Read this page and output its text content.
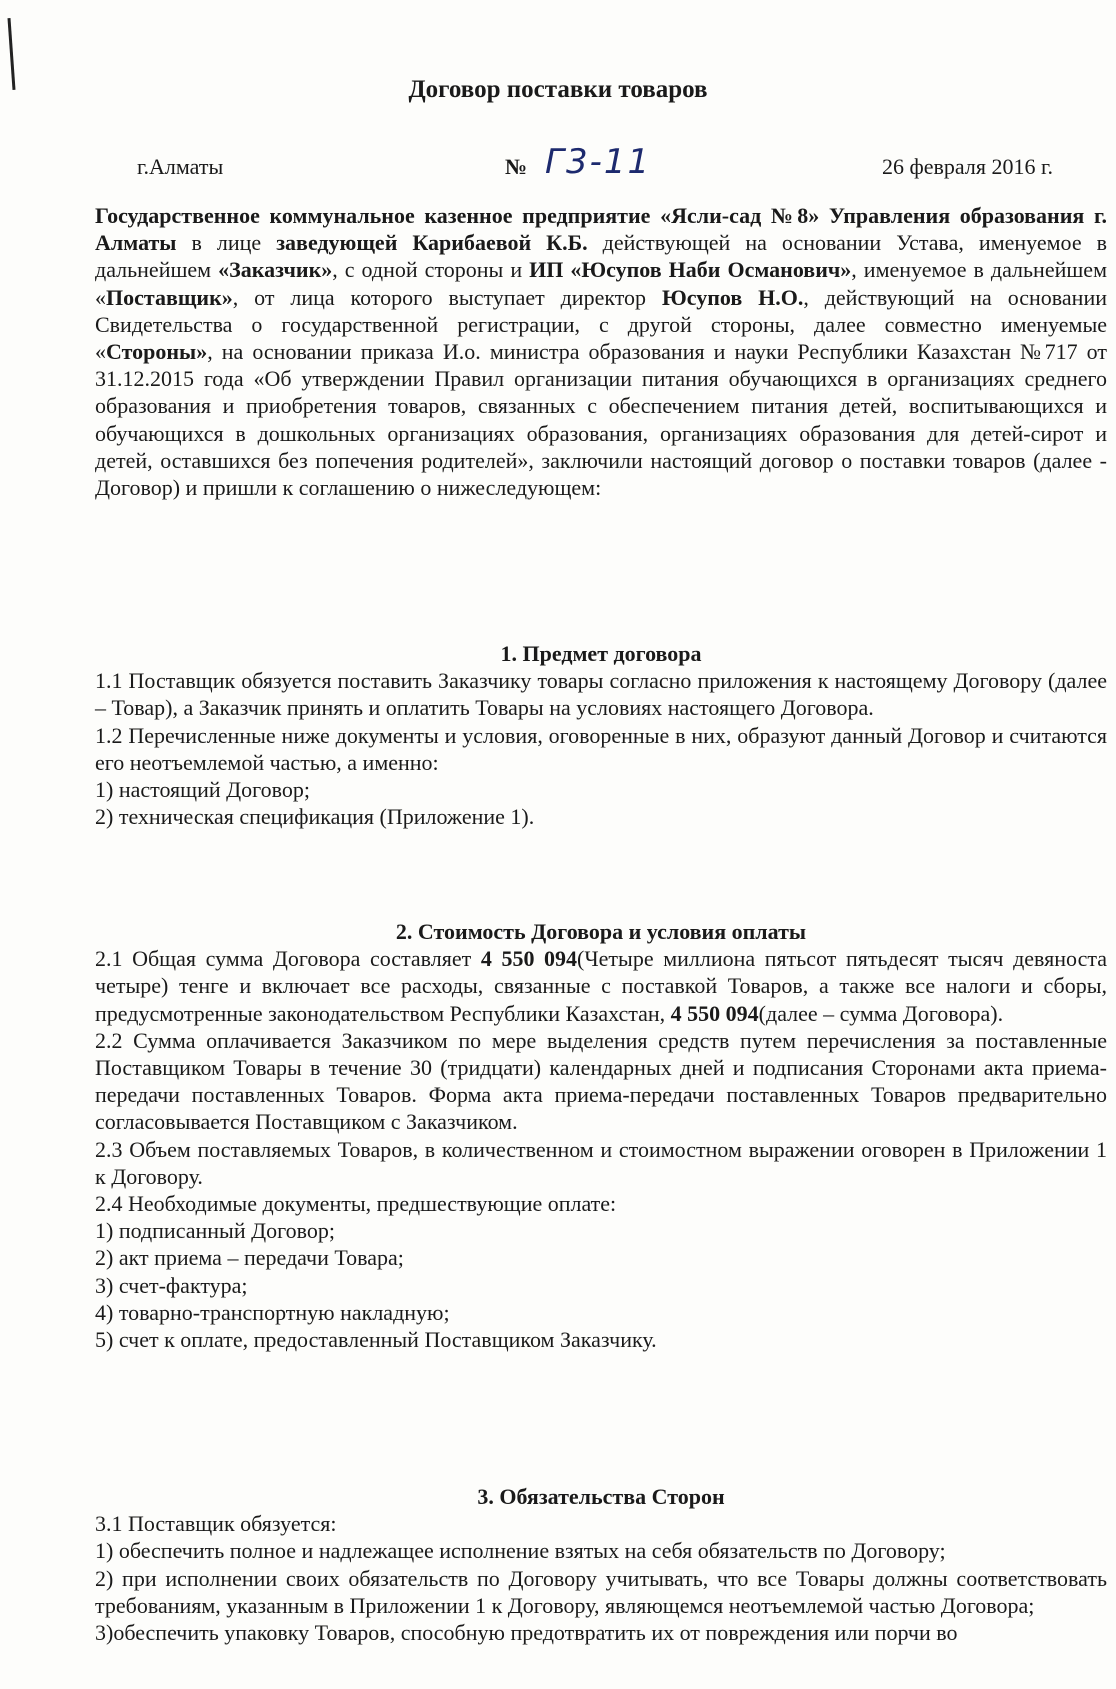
Договор поставки товаров
г.Алматы	№ Г3-11	26 февраля 2016 г.

Государственное коммунальное казенное предприятие «Ясли-сад №8» Управления образования г. Алматы в лице заведующей Карибаевой К.Б. действующей на основании Устава, именуемое в дальнейшем «Заказчик», с одной стороны и ИП «Юсупов Наби Османович», именуемое в дальнейшем «Поставщик», от лица которого выступает директор Юсупов Н.О., действующий на основании Свидетельства о государственной регистрации, с другой стороны, далее совместно именуемые «Стороны», на основании приказа И.о. министра образования и науки Республики Казахстан №717 от 31.12.2015 года «Об утверждении Правил организации питания обучающихся в организациях среднего образования и приобретения товаров, связанных с обеспечением питания детей, воспитывающихся и обучающихся в дошкольных организациях образования, организациях образования для детей-сирот и детей, оставшихся без попечения родителей», заключили настоящий договор о поставки товаров (далее - Договор) и пришли к соглашению о нижеследующем:

1. Предмет договора

1.1 Поставщик обязуется поставить Заказчику товары согласно приложения к настоящему Договору (далее – Товар), а Заказчик принять и оплатить Товары на условиях настоящего Договора.

1.2 Перечисленные ниже документы и условия, оговоренные в них, образуют данный Договор и считаются его неотъемлемой частью, а именно:

1) настоящий Договор;

2) техническая спецификация (Приложение 1).

2. Стоимость Договора и условия оплаты

2.1 Общая сумма Договора составляет 4 550 094(Четыре миллиона пятьсот пятьдесят тысяч девяноста четыре) тенге и включает все расходы, связанные с поставкой Товаров, а также все налоги и сборы, предусмотренные законодательством Республики Казахстан, 4 550 094(далее – сумма Договора).

2.2 Сумма оплачивается Заказчиком по мере выделения средств путем перечисления за поставленные Поставщиком Товары в течение 30 (тридцати) календарных дней и подписания Сторонами акта приема-передачи поставленных Товаров. Форма акта приема-передачи поставленных Товаров предварительно согласовывается Поставщиком с Заказчиком.

2.3 Объем поставляемых Товаров, в количественном и стоимостном выражении оговорен в Приложении 1 к Договору.

2.4 Необходимые документы, предшествующие оплате:

1) подписанный Договор;

2) акт приема – передачи Товара;

3) счет-фактура;

4) товарно-транспортную накладную;

5) счет к оплате, предоставленный Поставщиком Заказчику.

3. Обязательства Сторон

3.1 Поставщик обязуется:

1) обеспечить полное и надлежащее исполнение взятых на себя обязательств по Договору;

2) при исполнении своих обязательств по Договору учитывать, что все Товары должны соответствовать требованиям, указанным в Приложении 1 к Договору, являющемся неотъемлемой частью Договора;

3)обеспечить упаковку Товаров, способную предотвратить их от повреждения или порчи во
